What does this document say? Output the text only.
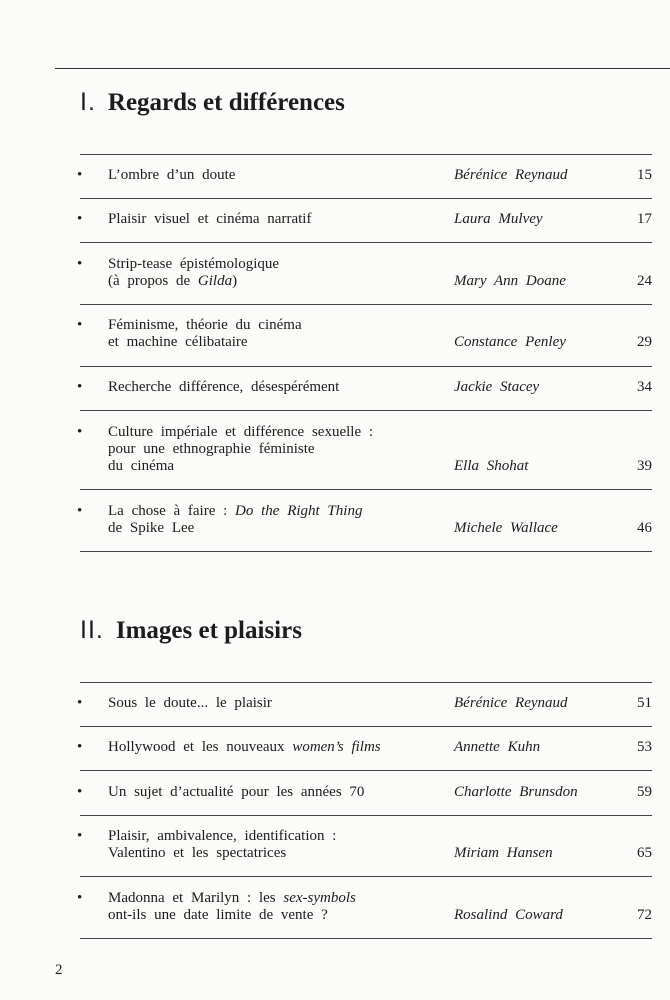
I. Regards et différences
• L’ombre d’un doute	Bérénice Reynaud	15
• Plaisir visuel et cinéma narratif	Laura Mulvey	17
• Strip-tease épistémologique
(à propos de Gilda)	Mary Ann Doane	24
• Féminisme, théorie du cinéma
et machine célibataire	Constance Penley	29
• Recherche différence, désespérément	Jackie Stacey	34
• Culture impériale et différence sexuelle :
pour une ethnographie féministe
du cinéma	Ella Shohat	39
• La chose à faire : Do the Right Thing
de Spike Lee	Michele Wallace	46
II. Images et plaisirs
• Sous le doute... le plaisir	Bérénice Reynaud	51
• Hollywood et les nouveaux women’s films	Annette Kuhn	53
• Un sujet d’actualité pour les années 70	Charlotte Brunsdon	59
• Plaisir, ambivalence, identification :
Valentino et les spectatrices	Miriam Hansen	65
• Madonna et Marilyn : les sex-symbols
ont-ils une date limite de vente ?	Rosalind Coward	72
2
